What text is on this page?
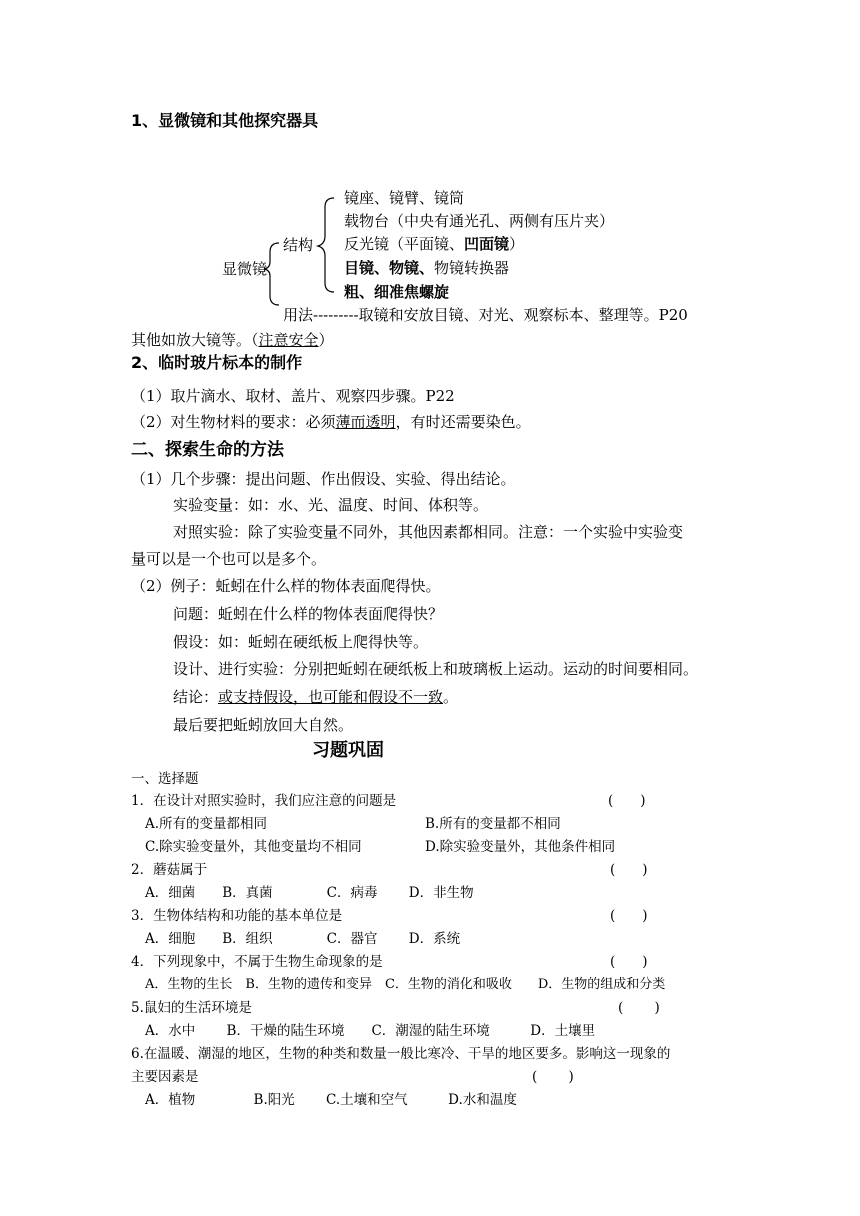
1、显微镜和其他探究器具
显微镜
结构
镜座、镜臂、镜筒
载物台（中央有通光孔、两侧有压片夹）
反光镜（平面镜、凹面镜）
目镜、物镜、物镜转换器
粗、细准焦螺旋
用法---------取镜和安放目镜、对光、观察标本、整理等。P20
其他如放大镜等。（注意安全）
2、临时玻片标本的制作
（1）取片滴水、取材、盖片、观察四步骤。P22
（2）对生物材料的要求：必须薄而透明，有时还需要染色。
二、探索生命的方法
（1）几个步骤：提出问题、作出假设、实验、得出结论。
实验变量：如：水、光、温度、时间、体积等。
对照实验：除了实验变量不同外，其他因素都相同。注意：一个实验中实验变
量可以是一个也可以是多个。
（2）例子：蚯蚓在什么样的物体表面爬得快。
问题：蚯蚓在什么样的物体表面爬得快？
假设：如：蚯蚓在硬纸板上爬得快等。
设计、进行实验：分别把蚯蚓在硬纸板上和玻璃板上运动。运动的时间要相同。
结论：或支持假设，也可能和假设不一致。
最后要把蚯蚓放回大自然。
习题巩固
一、选择题
1．在设计对照实验时，我们应注意的问题是	(　　)
A.所有的变量都相同	B.所有的变量都不相同
C.除实验变量外，其他变量均不相同	D.除实验变量外，其他条件相同
2．蘑菇属于	(　　)
A．细菌　　B．真菌　　　　C．病毒　　 D．非生物
3．生物体结构和功能的基本单位是	(　　)
A．细胞　　B．组织　　　　C．器官　　 D．系统
4．下列现象中，不属于生物生命现象的是	(　　)
A．生物的生长　B．生物的遗传和变异　C．生物的消化和吸收　　D．生物的组成和分类
5.鼠妇的生活环境是	(　　 )
A．水中　　 B．干燥的陆生环境　　C．潮湿的陆生环境　　　D．土壤里
6.在温暖、潮湿的地区，生物的种类和数量一般比寒冷、干旱的地区要多。影响这一现象的
主要因素是	(　　 )
A．植物　　　　 B.阳光　　 C.土壤和空气　　　D.水和温度
